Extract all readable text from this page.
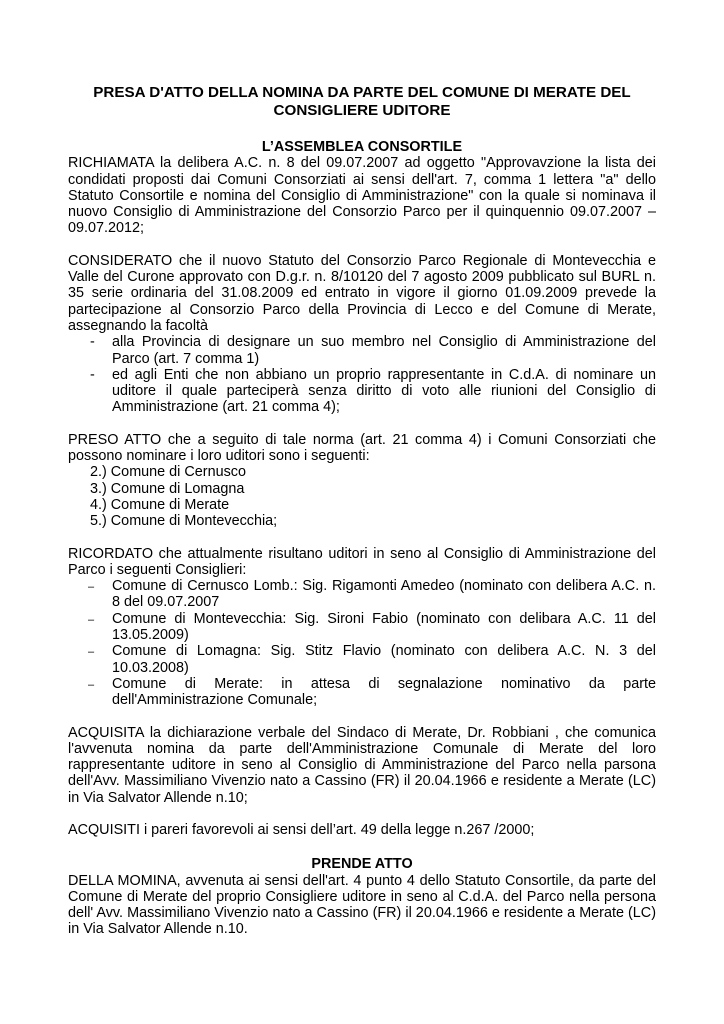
PRESA D'ATTO DELLA NOMINA DA PARTE DEL COMUNE DI MERATE DEL CONSIGLIERE UDITORE

L’ASSEMBLEA CONSORTILE

RICHIAMATA la delibera A.C. n. 8 del 09.07.2007 ad oggetto "Approvavzione la lista dei condidati proposti dai Comuni Consorziati ai sensi dell'art. 7, comma 1 lettera "a" dello Statuto Consortile e nomina del Consiglio di Amministrazione" con la quale si nominava il nuovo Consiglio di Amministrazione del Consorzio Parco per il quinquennio 09.07.2007 – 09.07.2012;

CONSIDERATO che il nuovo Statuto del Consorzio Parco Regionale di Montevecchia e Valle del Curone approvato con D.g.r. n. 8/10120 del 7 agosto 2009 pubblicato sul BURL n. 35 serie ordinaria del 31.08.2009 ed entrato in vigore il giorno 01.09.2009 prevede la partecipazione al Consorzio Parco della Provincia di Lecco e del Comune di Merate, assegnando la facoltà

- alla Provincia di designare un suo membro nel Consiglio di Amministrazione del Parco (art. 7 comma 1)
- ed agli Enti che non abbiano un proprio rappresentante in C.d.A. di nominare un uditore il quale parteciperà senza diritto di voto alle riunioni del Consiglio di Amministrazione (art. 21 comma 4);

PRESO ATTO che a seguito di tale norma (art. 21 comma 4) i Comuni Consorziati che possono nominare i loro uditori sono i seguenti:

2.) Comune di Cernusco
3.) Comune di Lomagna
4.) Comune di Merate
5.) Comune di Montevecchia;

RICORDATO che attualmente risultano uditori in seno al Consiglio di Amministrazione del Parco i seguenti Consiglieri:

– Comune di Cernusco Lomb.: Sig. Rigamonti Amedeo (nominato con delibera A.C. n. 8 del 09.07.2007
– Comune di Montevecchia: Sig. Sironi Fabio (nominato con delibara A.C. 11 del 13.05.2009)
– Comune di Lomagna: Sig. Stitz Flavio (nominato con delibera A.C. N. 3 del 10.03.2008)
– Comune di Merate: in attesa di segnalazione nominativo da parte dell'Amministrazione Comunale;

ACQUISITA la dichiarazione verbale del Sindaco di Merate, Dr. Robbiani , che comunica l'avvenuta nomina da parte dell'Amministrazione Comunale di Merate del loro rappresentante uditore in seno al Consiglio di Amministrazione del Parco nella parsona dell'Avv. Massimiliano Vivenzio nato a Cassino (FR) il 20.04.1966 e residente a Merate (LC) in Via Salvator Allende n.10;

ACQUISITI i pareri favorevoli ai sensi dell’art. 49 della legge n.267 /2000;

PRENDE ATTO

DELLA MOMINA, avvenuta ai sensi dell'art. 4 punto 4 dello Statuto Consortile, da parte del Comune di Merate del proprio Consigliere uditore in seno al C.d.A. del Parco nella persona dell' Avv. Massimiliano Vivenzio nato a Cassino (FR) il 20.04.1966 e residente a Merate (LC) in Via Salvator Allende n.10.
